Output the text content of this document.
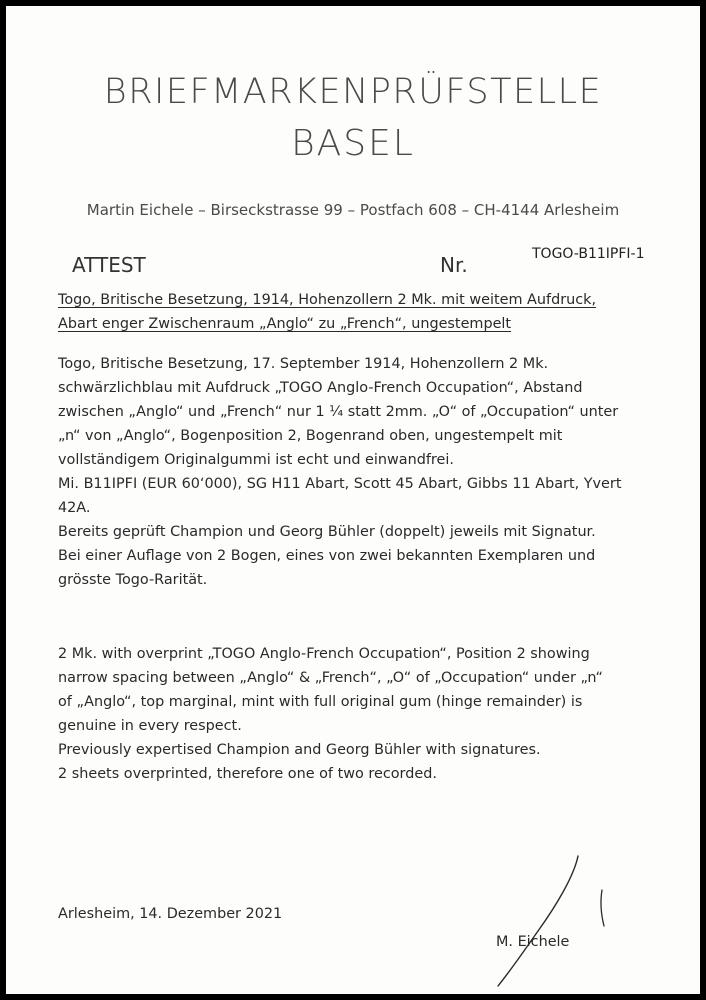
BRIEFMARKENPRÜFSTELLE
BASEL
Martin Eichele – Birseckstrasse 99 – Postfach 608 – CH-4144 Arlesheim
ATTEST	Nr.	TOGO-B11IPFI-1
Togo, Britische Besetzung, 1914, Hohenzollern 2 Mk. mit weitem Aufdruck,
Abart enger Zwischenraum „Anglo“ zu „French“, ungestempelt
Togo, Britische Besetzung, 17. September 1914, Hohenzollern 2 Mk.
schwärzlichblau mit Aufdruck „TOGO Anglo-French Occupation“, Abstand
zwischen „Anglo“ und „French“ nur 1 ¼ statt 2mm. „O“ of „Occupation“ unter
„n“ von „Anglo“, Bogenposition 2, Bogenrand oben, ungestempelt mit
vollständigem Originalgummi ist echt und einwandfrei.
Mi. B11IPFI (EUR 60‘000), SG H11 Abart, Scott 45 Abart, Gibbs 11 Abart, Yvert
42A.
Bereits geprüft Champion und Georg Bühler (doppelt) jeweils mit Signatur.
Bei einer Auflage von 2 Bogen, eines von zwei bekannten Exemplaren und
grösste Togo-Rarität.
2 Mk. with overprint „TOGO Anglo-French Occupation“, Position 2 showing
narrow spacing between „Anglo“ & „French“, „O“ of „Occupation“ under „n“
of „Anglo“, top marginal, mint with full original gum (hinge remainder) is
genuine in every respect.
Previously expertised Champion and Georg Bühler with signatures.
2 sheets overprinted, therefore one of two recorded.
Arlesheim, 14. Dezember 2021
M. Eichele
